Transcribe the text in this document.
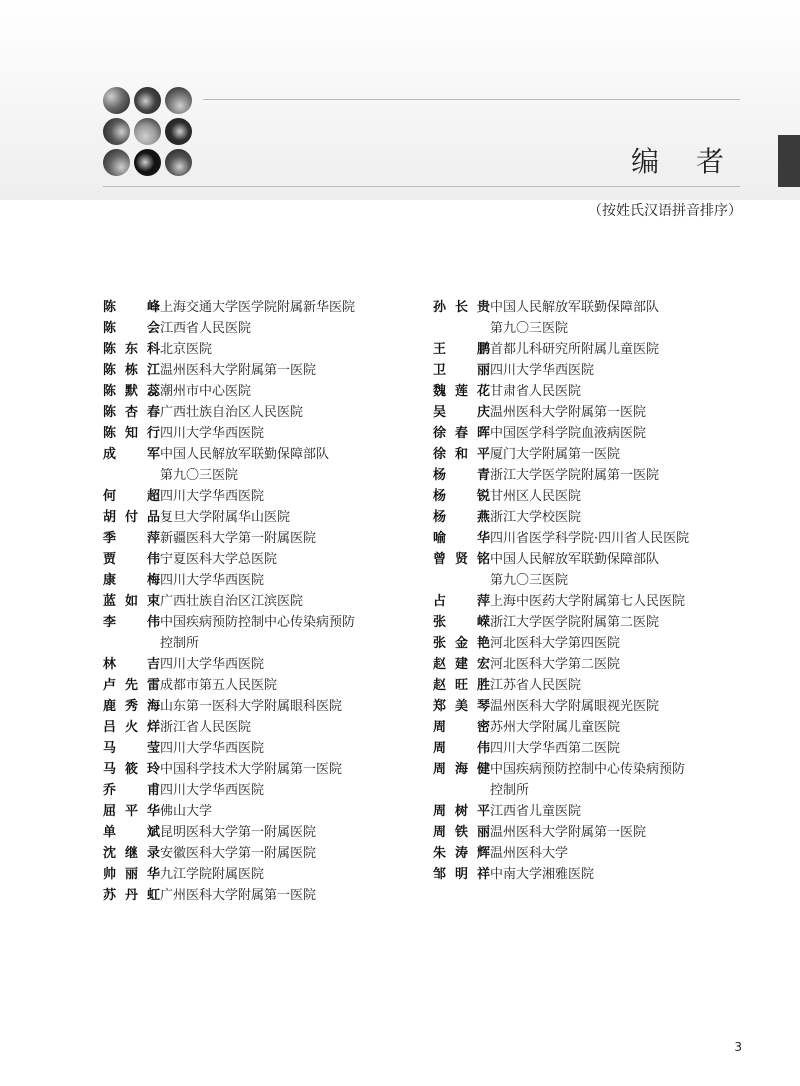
编 者
（按姓氏汉语拼音排序）
陈峰 上海交通大学医学院附属新华医院
陈会 江西省人民医院
陈东科 北京医院
陈栋江 温州医科大学附属第一医院
陈默蕊 潮州市中心医院
陈杏春 广西壮族自治区人民医院
陈知行 四川大学华西医院
成军 中国人民解放军联勤保障部队
第九〇三医院
何超 四川大学华西医院
胡付品 复旦大学附属华山医院
季萍 新疆医科大学第一附属医院
贾伟 宁夏医科大学总医院
康梅 四川大学华西医院
蓝如束 广西壮族自治区江滨医院
李伟 中国疾病预防控制中心传染病预防
控制所
林吉 四川大学华西医院
卢先雷 成都市第五人民医院
鹿秀海 山东第一医科大学附属眼科医院
吕火烊 浙江省人民医院
马莹 四川大学华西医院
马筱玲 中国科学技术大学附属第一医院
乔甫 四川大学华西医院
屈平华 佛山大学
单斌 昆明医科大学第一附属医院
沈继录 安徽医科大学第一附属医院
帅丽华 九江学院附属医院
苏丹虹 广州医科大学附属第一医院
孙长贵 中国人民解放军联勤保障部队
第九〇三医院
王鹏 首都儿科研究所附属儿童医院
卫丽 四川大学华西医院
魏莲花 甘肃省人民医院
吴庆 温州医科大学附属第一医院
徐春晖 中国医学科学院血液病医院
徐和平 厦门大学附属第一医院
杨青 浙江大学医学院附属第一医院
杨锐 甘州区人民医院
杨燕 浙江大学校医院
喻华 四川省医学科学院·四川省人民医院
曾贤铭 中国人民解放军联勤保障部队
第九〇三医院
占萍 上海中医药大学附属第七人民医院
张嵘 浙江大学医学院附属第二医院
张金艳 河北医科大学第四医院
赵建宏 河北医科大学第二医院
赵旺胜 江苏省人民医院
郑美琴 温州医科大学附属眼视光医院
周密 苏州大学附属儿童医院
周伟 四川大学华西第二医院
周海健 中国疾病预防控制中心传染病预防
控制所
周树平 江西省儿童医院
周铁丽 温州医科大学附属第一医院
朱涛辉 温州医科大学
邹明祥 中南大学湘雅医院
3
